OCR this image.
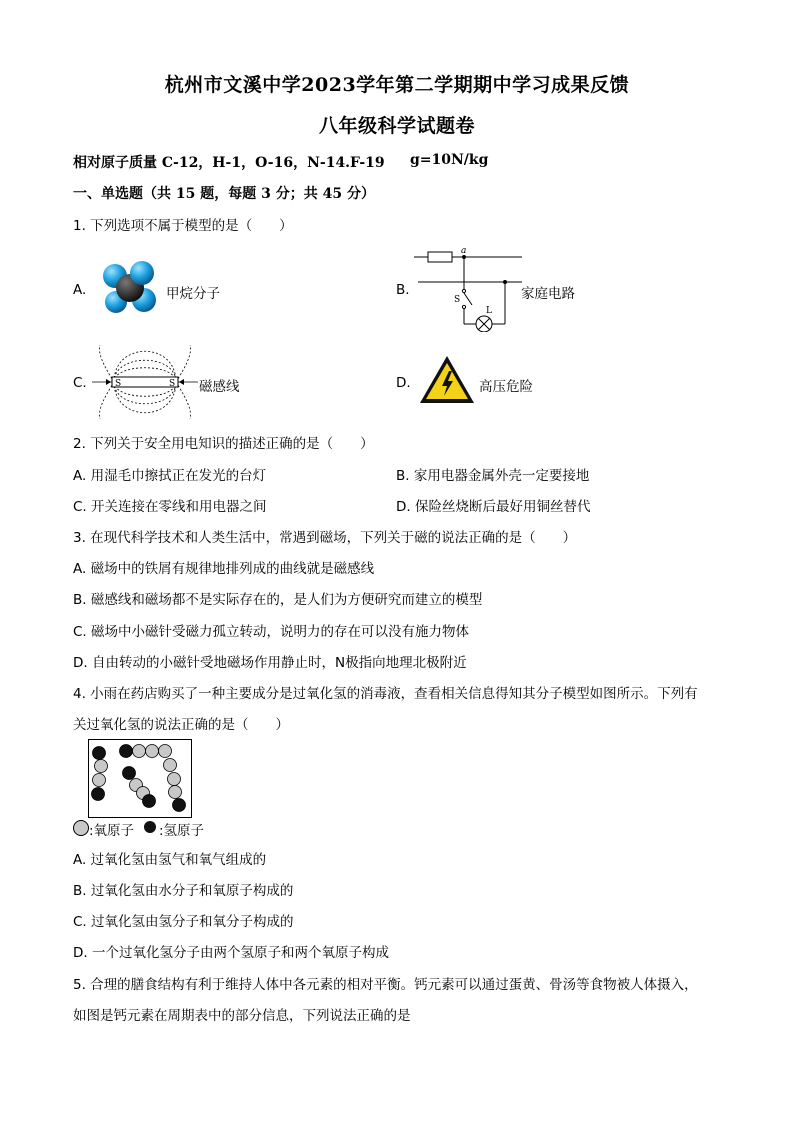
杭州市文溪中学2023学年第二学期期中学习成果反馈
八年级科学试题卷
相对原子质量 C-12，H-1，O-16，N-14.F-19 g=10N/kg
一、单选题（共 15 题，每题 3 分；共 45 分）
1. 下列选项不属于模型的是（　　）
A.	甲烷分子	B.
a
S
L
家庭电路
C.	S	S 磁感线	D.	高压危险
2. 下列关于安全用电知识的描述正确的是（　　）
A. 用湿毛巾擦拭正在发光的台灯	B. 家用电器金属外壳一定要接地
C. 开关连接在零线和用电器之间	D. 保险丝烧断后最好用铜丝替代
3. 在现代科学技术和人类生活中，常遇到磁场，下列关于磁的说法正确的是（　　）
A. 磁场中的铁屑有规律地排列成的曲线就是磁感线
B. 磁感线和磁场都不是实际存在的，是人们为方便研究而建立的模型
C. 磁场中小磁针受磁力孤立转动，说明力的存在可以没有施力物体
D. 自由转动的小磁针受地磁场作用静止时，N极指向地理北极附近
4. 小雨在药店购买了一种主要成分是过氧化氢的消毒液，查看相关信息得知其分子模型如图所示。下列有
关过氧化氢的说法正确的是（　　）
:氧原子 :氢原子
A. 过氧化氢由氢气和氧气组成的
B. 过氧化氢由水分子和氧原子构成的
C. 过氧化氢由氢分子和氧分子构成的
D. 一个过氧化氢分子由两个氢原子和两个氧原子构成
5. 合理的膳食结构有利于维持人体中各元素的相对平衡。钙元素可以通过蛋黄、骨汤等食物被人体摄入，
如图是钙元素在周期表中的部分信息，下列说法正确的是
